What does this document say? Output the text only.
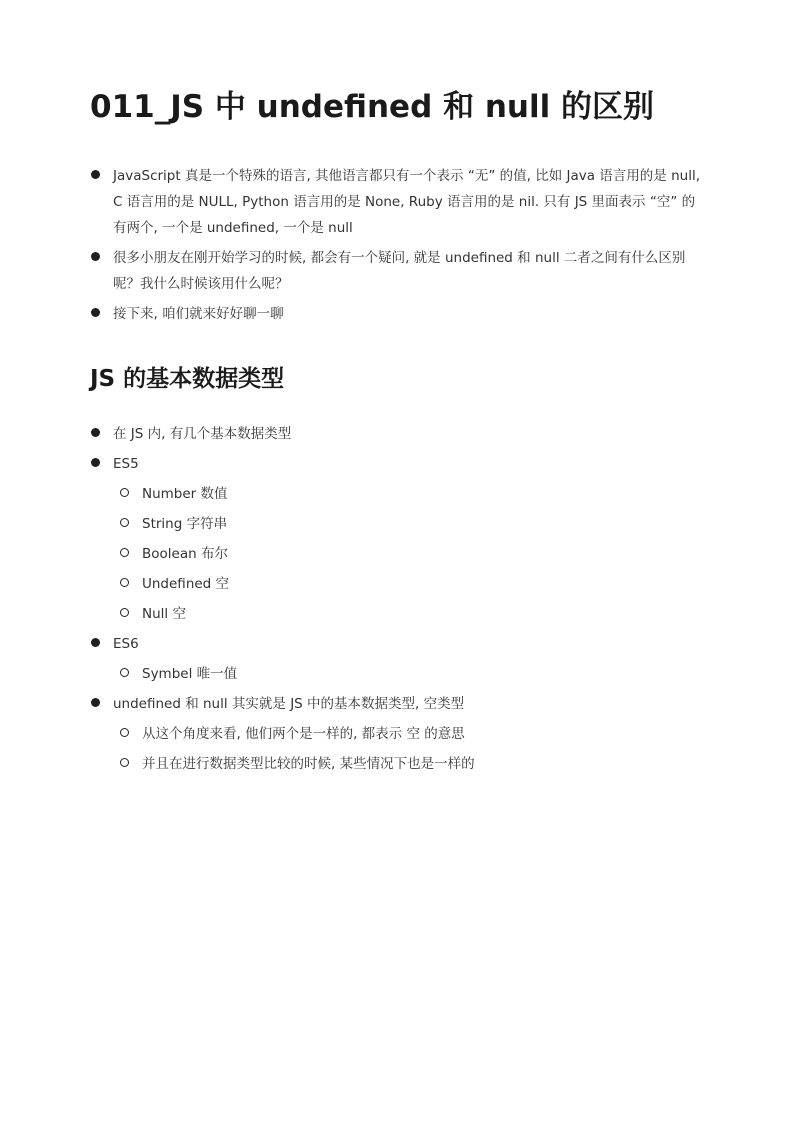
011_JS 中 undefined 和 null 的区别
JavaScript 真是一个特殊的语言, 其他语言都只有一个表示 “无” 的值, 比如 Java 语言用的是 null, C 语言用的是 NULL, Python 语言用的是 None, Ruby 语言用的是 nil. 只有 JS 里面表示 “空” 的有两个, 一个是 undefined, 一个是 null
很多小朋友在刚开始学习的时候, 都会有一个疑问, 就是 undefined 和 null 二者之间有什么区别呢？我什么时候该用什么呢？
接下来, 咱们就来好好聊一聊
JS 的基本数据类型
在 JS 内, 有几个基本数据类型
ES5
Number 数值
String 字符串
Boolean 布尔
Undefined 空
Null 空
ES6
Symbel 唯一值
undefined 和 null 其实就是 JS 中的基本数据类型, 空类型
从这个角度来看, 他们两个是一样的, 都表示 空 的意思
并且在进行数据类型比较的时候, 某些情况下也是一样的
